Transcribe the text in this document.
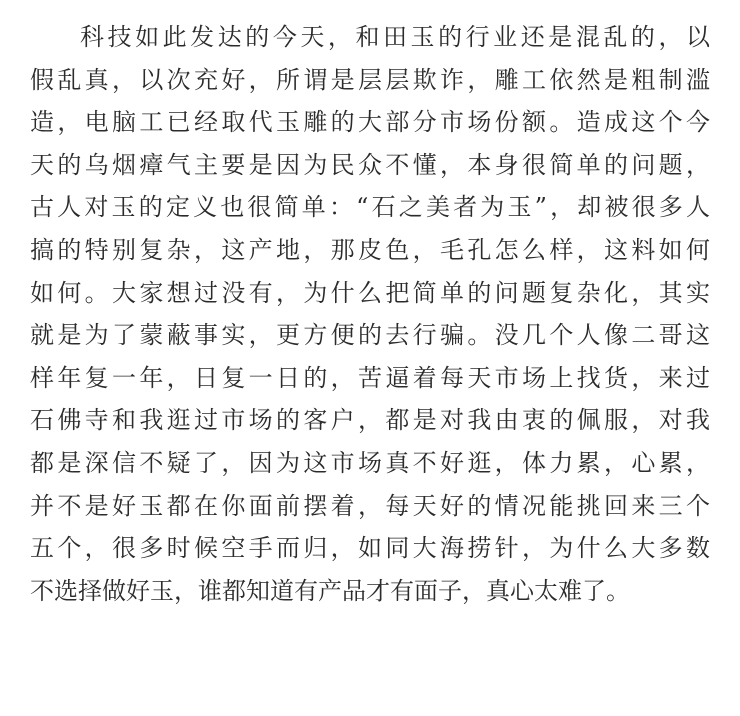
科技如此发达的今天，和田玉的行业还是混乱的，以
假乱真，以次充好，所谓是层层欺诈，雕工依然是粗制滥
造，电脑工已经取代玉雕的大部分市场份额。造成这个今
天的乌烟瘴气主要是因为民众不懂，本身很简单的问题，
古人对玉的定义也很简单：“石之美者为玉”，却被很多人
搞的特别复杂，这产地，那皮色，毛孔怎么样，这料如何
如何。大家想过没有，为什么把简单的问题复杂化，其实
就是为了蒙蔽事实，更方便的去行骗。没几个人像二哥这
样年复一年，日复一日的，苦逼着每天市场上找货，来过
石佛寺和我逛过市场的客户，都是对我由衷的佩服，对我
都是深信不疑了，因为这市场真不好逛，体力累，心累，
并不是好玉都在你面前摆着，每天好的情况能挑回来三个
五个，很多时候空手而归，如同大海捞针，为什么大多数
不选择做好玉，谁都知道有产品才有面子，真心太难了。
